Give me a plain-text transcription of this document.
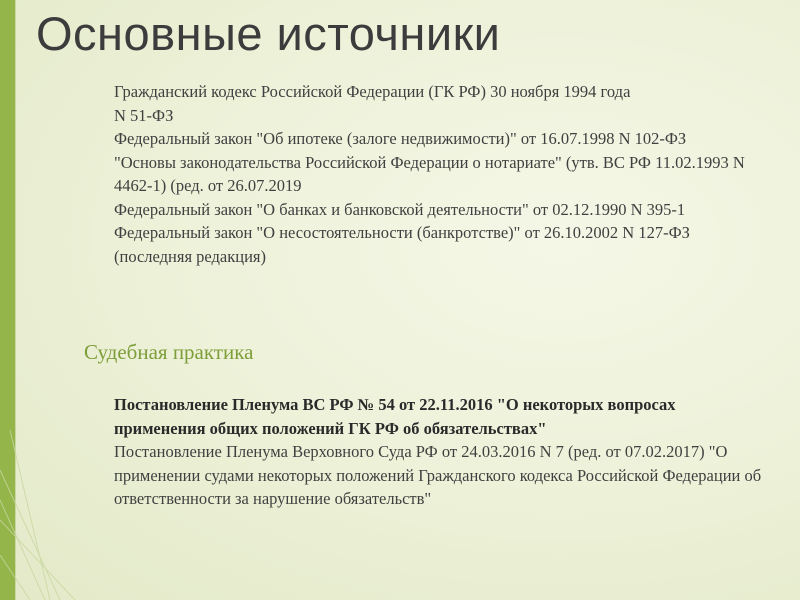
Основные источники
Гражданский кодекс Российской Федерации (ГК РФ) 30 ноября 1994 года
N 51-ФЗ
Федеральный закон "Об ипотеке (залоге недвижимости)" от 16.07.1998 N 102-ФЗ
"Основы законодательства Российской Федерации о нотариате" (утв. ВС РФ 11.02.1993 N 4462-1) (ред. от 26.07.2019
Федеральный закон "О банках и банковской деятельности" от 02.12.1990 N 395-1
Федеральный закон "О несостоятельности (банкротстве)" от 26.10.2002 N 127-ФЗ (последняя редакция)
Судебная практика
Постановление Пленума ВС РФ № 54 от 22.11.2016 "О некоторых вопросах применения общих положений ГК РФ об обязательствах"
Постановление Пленума Верховного Суда РФ от 24.03.2016 N 7 (ред. от 07.02.2017) "О применении судами некоторых положений Гражданского кодекса Российской Федерации об ответственности за нарушение обязательств"
